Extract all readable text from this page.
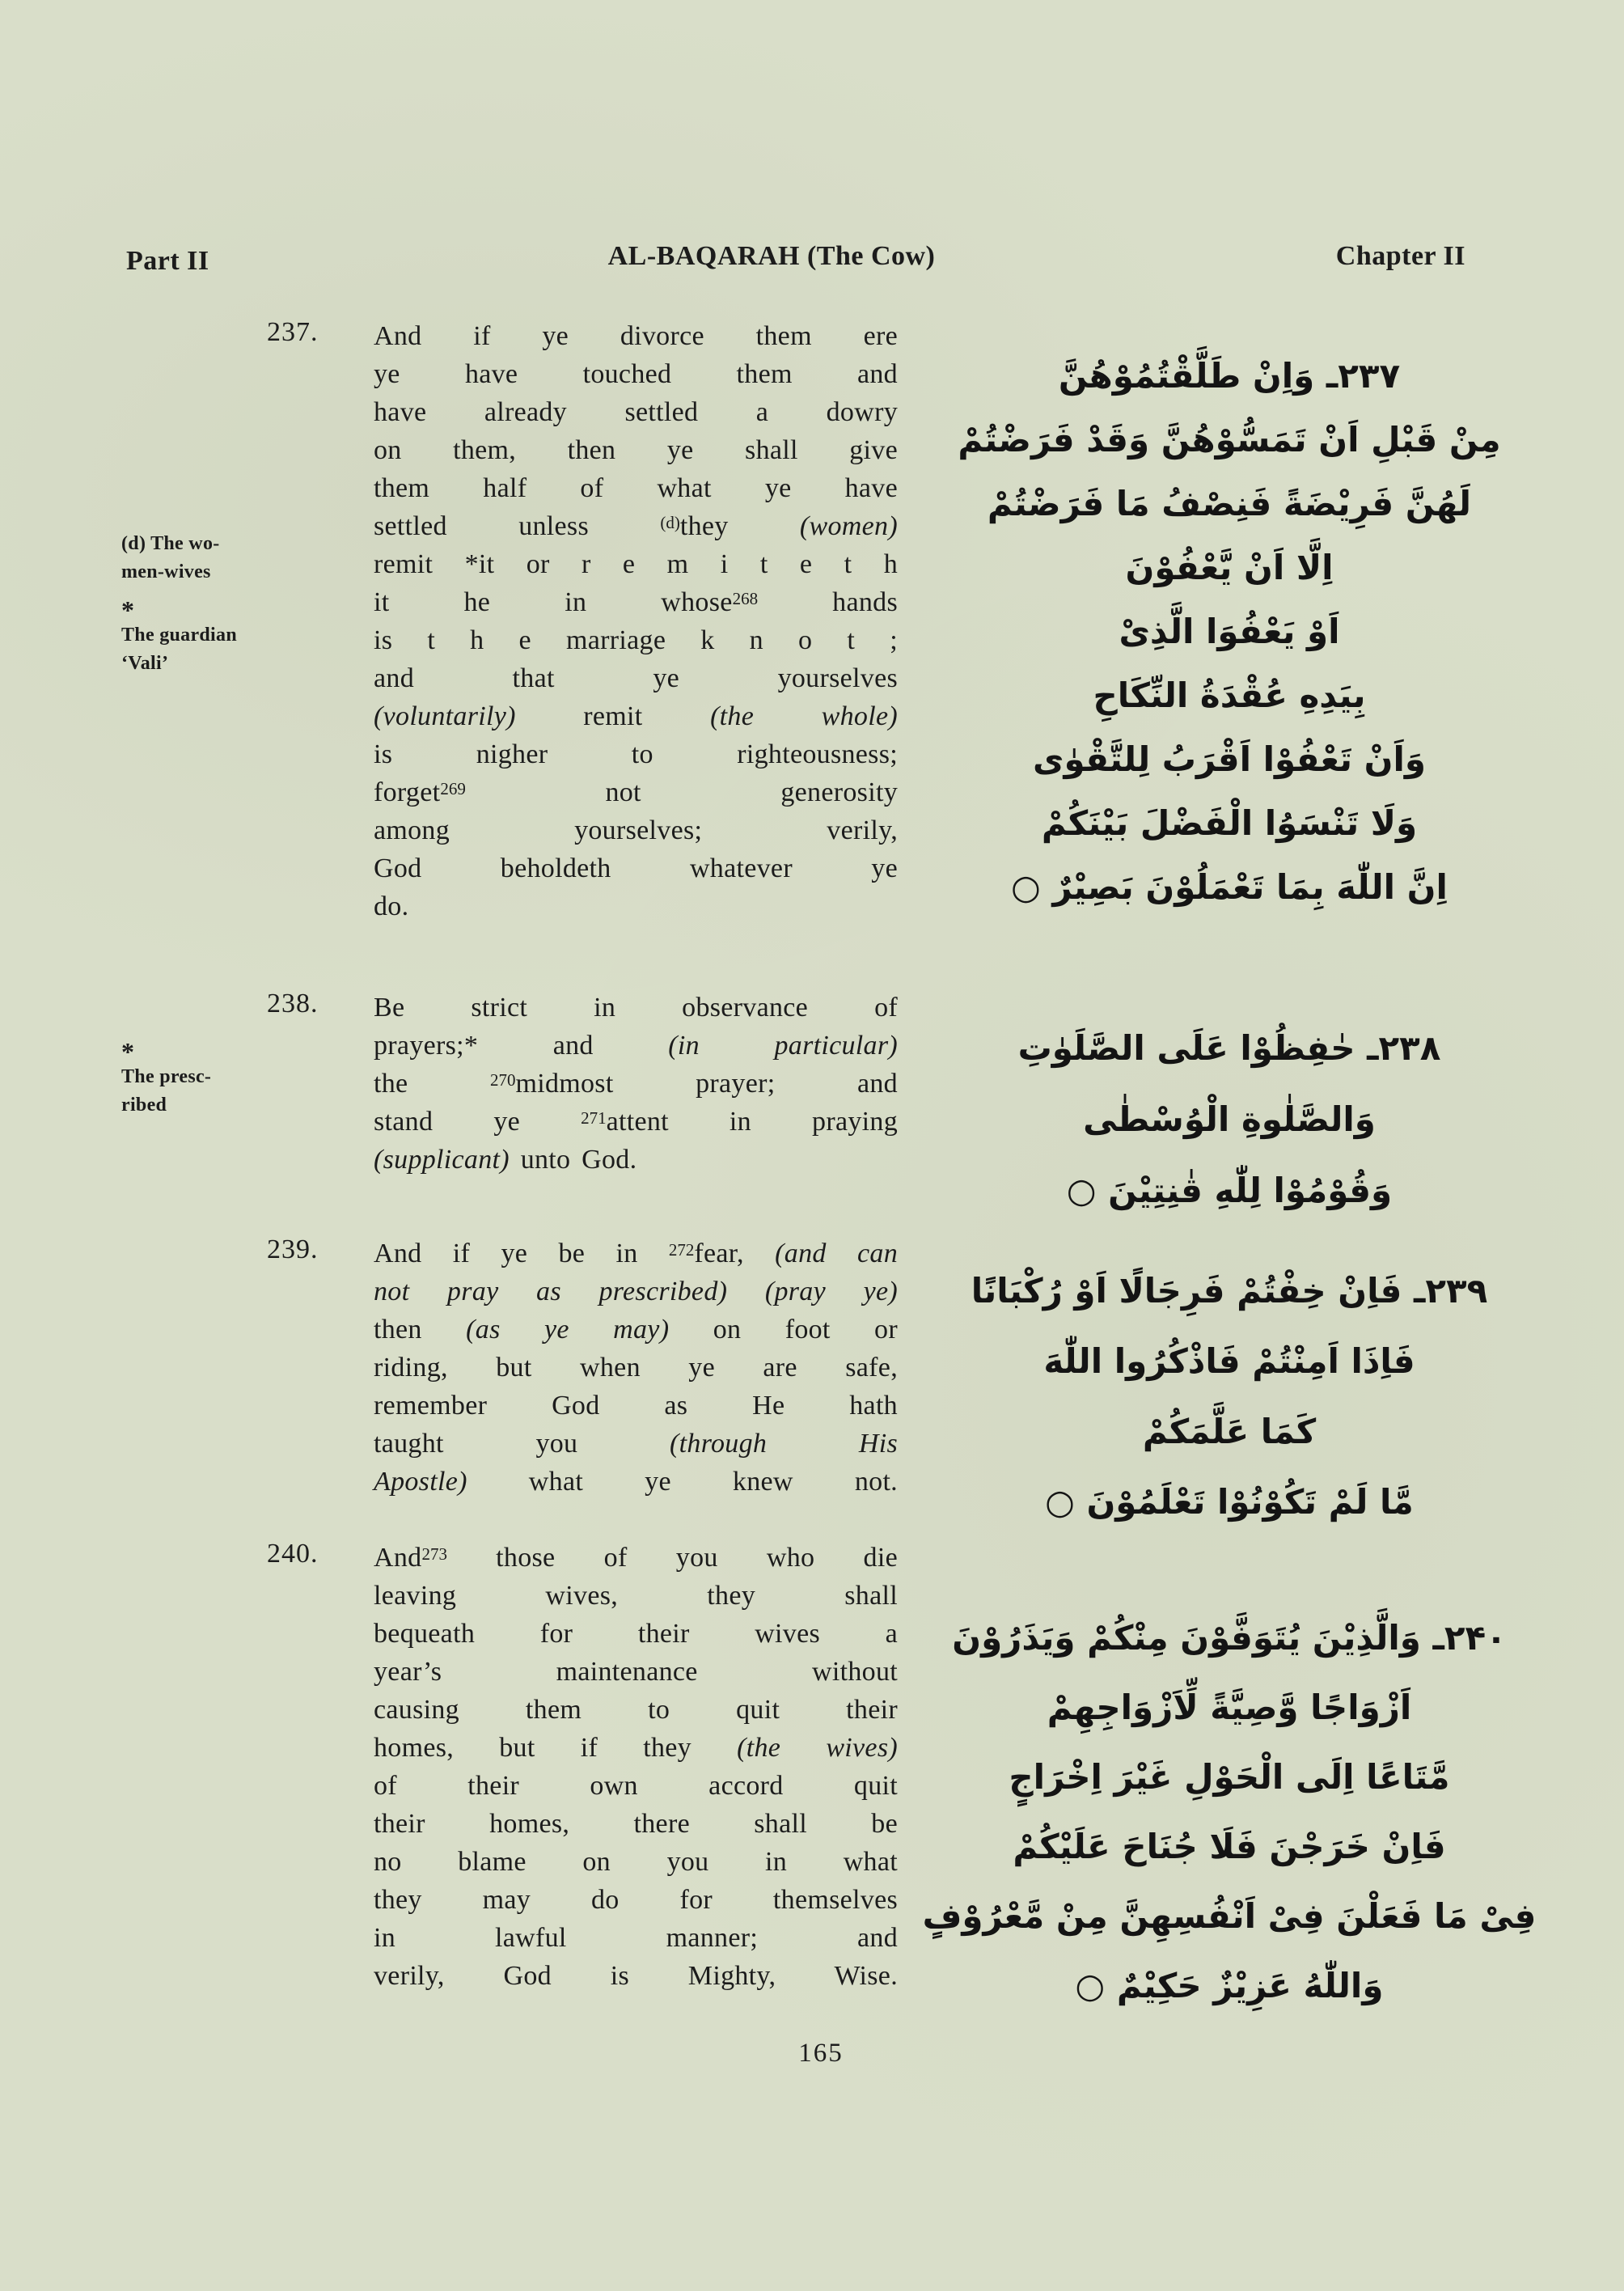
Part II	AL-BAQARAH (The Cow)	Chapter II
(d) The wo-
men-wives
*
The guardian
‘Vali’
*
The presc-
ribed
237. And if ye divorce them ere
ye have touched them and
have already settled a dowry
on them, then ye shall give
them half of what ye have
settled unless $^{(d)}$they (women)
remit *it or r e m i t e t h
it he in whose$^{268}$ hands
is t h e marriage k n o t ;
and that ye yourselves
(voluntarily) remit (the whole)
is nigher to righteousness;
forget$^{269}$ not generosity
among yourselves; verily,
God beholdeth whatever ye
do.
238. Be strict in observance of
prayers;* and (in particular)
the $^{270}$midmost prayer; and
stand ye $^{271}$attent in praying
(supplicant) unto God.
239. And if ye be in $^{272}$fear, (and can
not pray as prescribed) (pray ye)
then (as ye may) on foot or
riding, but when ye are safe,
remember God as He hath
taught you (through His
Apostle) what ye knew not.
240. And$^{273}$ those of you who die
leaving wives, they shall
bequeath for their wives a
year’s maintenance without
causing them to quit their
homes, but if they (the wives)
of their own accord quit
their homes, there shall be
no blame on you in what
they may do for themselves
in lawful manner; and
verily, God is Mighty, Wise.
۲۳۷ـ وَاِنْ طَلَّقْتُمُوْهُنَّ
مِنْ قَبْلِ اَنْ تَمَسُّوْهُنَّ وَقَدْ فَرَضْتُمْ
لَهُنَّ فَرِيْضَةً فَنِصْفُ مَا فَرَضْتُمْ
اِلَّا اَنْ يَّعْفُوْنَ
اَوْ يَعْفُوَا الَّذِىْ
بِيَدِهِ عُقْدَةُ النِّكَاحِ
وَاَنْ تَعْفُوْا اَقْرَبُ لِلتَّقْوٰى
وَلَا تَنْسَوُا الْفَضْلَ بَيْنَكُمْ
اِنَّ اللّٰهَ بِمَا تَعْمَلُوْنَ بَصِيْرٌ ○
۲۳۸ـ حٰفِظُوْا عَلَى الصَّلَوٰتِ
وَالصَّلٰوةِ الْوُسْطٰى
وَقُوْمُوْا لِلّٰهِ قٰنِتِيْنَ ○
۲۳۹ـ فَاِنْ خِفْتُمْ فَرِجَالًا اَوْ رُكْبَانًا
فَاِذَا اَمِنْتُمْ فَاذْكُرُوا اللّٰهَ
كَمَا عَلَّمَكُمْ
مَّا لَمْ تَكُوْنُوْا تَعْلَمُوْنَ ○
۲۴۰ـ وَالَّذِيْنَ يُتَوَفَّوْنَ مِنْكُمْ وَيَذَرُوْنَ
اَزْوَاجًا وَّصِيَّةً لِّاَزْوَاجِهِمْ
مَّتَاعًا اِلَى الْحَوْلِ غَيْرَ اِخْرَاجٍ
فَاِنْ خَرَجْنَ فَلَا جُنَاحَ عَلَيْكُمْ
فِىْ مَا فَعَلْنَ فِىْ اَنْفُسِهِنَّ مِنْ مَّعْرُوْفٍ
وَاللّٰهُ عَزِيْزٌ حَكِيْمٌ ○
165
